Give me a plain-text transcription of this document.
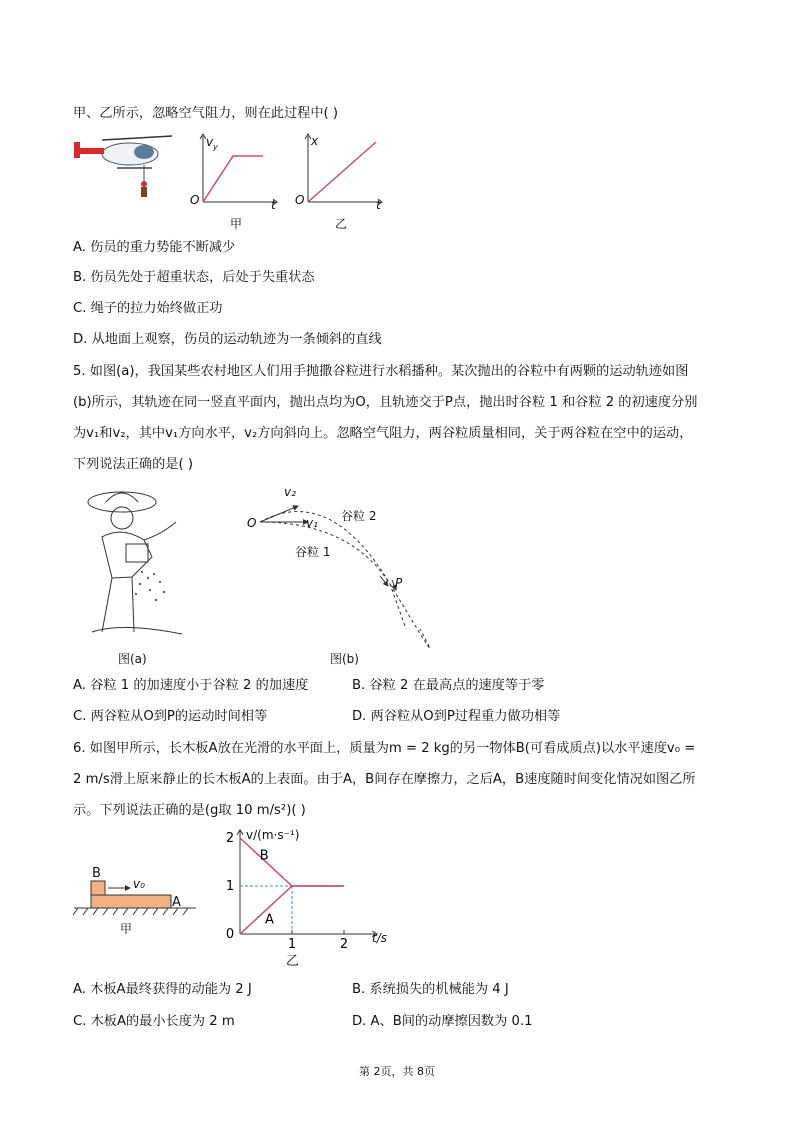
甲、乙所示，忽略空气阻力，则在此过程中( )
$v_y$
O	t
甲
x
O	t
乙
A. 伤员的重力势能不断减少
B. 伤员先处于超重状态，后处于失重状态
C. 绳子的拉力始终做正功
D. 从地面上观察，伤员的运动轨迹为一条倾斜的直线
5. 如图(a)，我国某些农村地区人们用手抛撒谷粒进行水稻播种。某次抛出的谷粒中有两颗的运动轨迹如图
(b)所示，其轨迹在同一竖直平面内，抛出点均为O，且轨迹交于P点，抛出时谷粒 1 和谷粒 2 的初速度分别
为v₁和v₂，其中v₁方向水平，v₂方向斜向上。忽略空气阻力，两谷粒质量相同，关于两谷粒在空中的运动，
下列说法正确的是( )
图(a)
v₂
v₁
O	谷粒 2
谷粒 1
P
图(b)
A. 谷粒 1 的加速度小于谷粒 2 的加速度	B. 谷粒 2 在最高点的速度等于零
C. 两谷粒从O到P的运动时间相等	D. 两谷粒从O到P过程重力做功相等
6. 如图甲所示，长木板A放在光滑的水平面上，质量为m = 2 kg的另一物体B(可看成质点)以水平速度v₀ =
2 m/s滑上原来静止的长木板A的上表面。由于A，B间存在摩擦力，之后A，B速度随时间变化情况如图乙所
示。下列说法正确的是(g取 10 m/s²)( )
B
v₀
A
甲	0
1
2
1	2
B
A
v/(m·s⁻¹)
t/s
乙
A. 木板A最终获得的动能为 2 J	B. 系统损失的机械能为 4 J
C. 木板A的最小长度为 2 m	D. A、B间的动摩擦因数为 0.1
第 2页，共 8页
